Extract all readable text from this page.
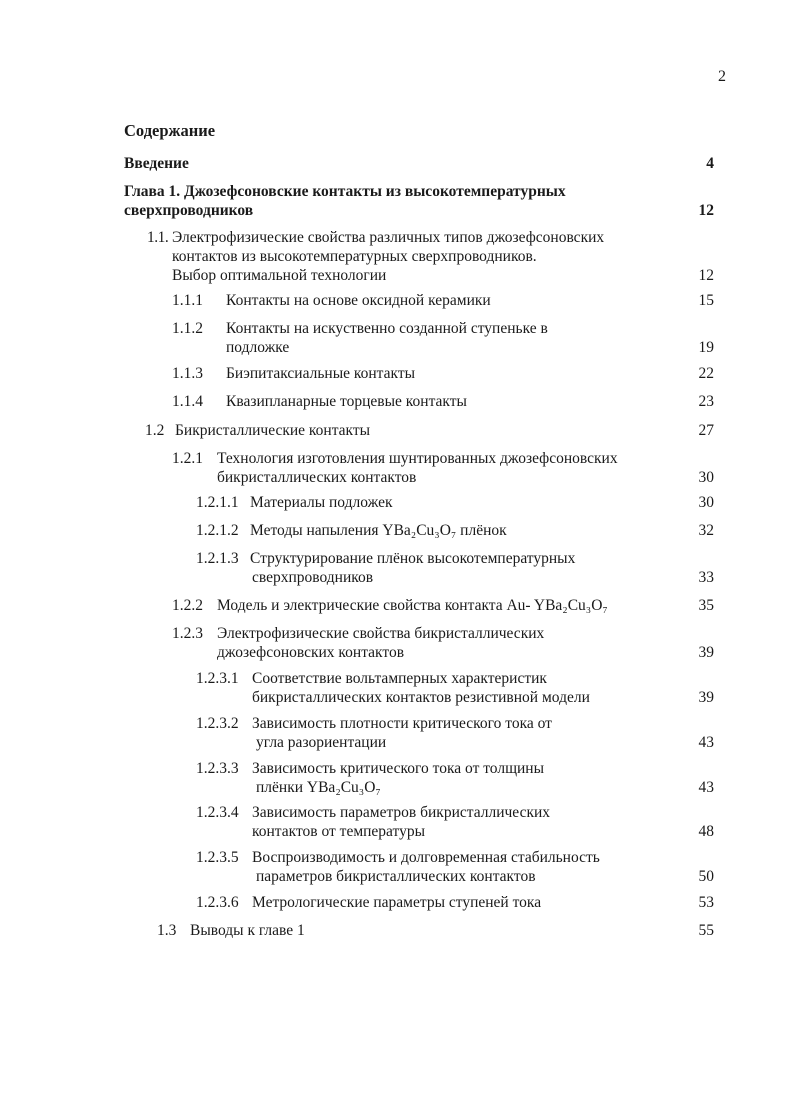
2
Содержание
Введение	4
Глава 1. Джозефсоновские контакты из высокотемпературных
сверхпроводников	12
1.1. Электрофизические свойства различных типов джозефсоновских
контактов из высокотемпературных сверхпроводников.
Выбор оптимальной технологии	12
1.1.1 Контакты на основе оксидной керамики	15
1.1.2 Контакты на искуственно созданной ступеньке в
подложке	19
1.1.3 Биэпитаксиальные контакты	22
1.1.4 Квазипланарные торцевые контакты	23
1.2 Бикристаллические контакты	27
1.2.1 Технология изготовления шунтированных джозефсоновских
бикристаллических контактов	30
1.2.1.1 Материалы подложек	30
1.2.1.2 Методы напыления YBa₂Cu₃O₇ плёнок	32
1.2.1.3 Структурирование плёнок высокотемпературных
сверхпроводников	33
1.2.2 Модель и электрические свойства контакта Au- YBa₂Cu₃O₇	35
1.2.3 Электрофизические свойства бикристаллических
джозефсоновских контактов	39
1.2.3.1 Соответствие вольтамперных характеристик
бикристаллических контактов резистивной модели	39
1.2.3.2 Зависимость плотности критического тока от
угла разориентации	43
1.2.3.3 Зависимость критического тока от толщины
плёнки YBa₂Cu₃O₇	43
1.2.3.4 Зависимость параметров бикристаллических
контактов от температуры	48
1.2.3.5 Воспроизводимость и долговременная стабильность
параметров бикристаллических контактов	50
1.2.3.6 Метрологические параметры ступеней тока	53
1.3 Выводы к главе 1	55
